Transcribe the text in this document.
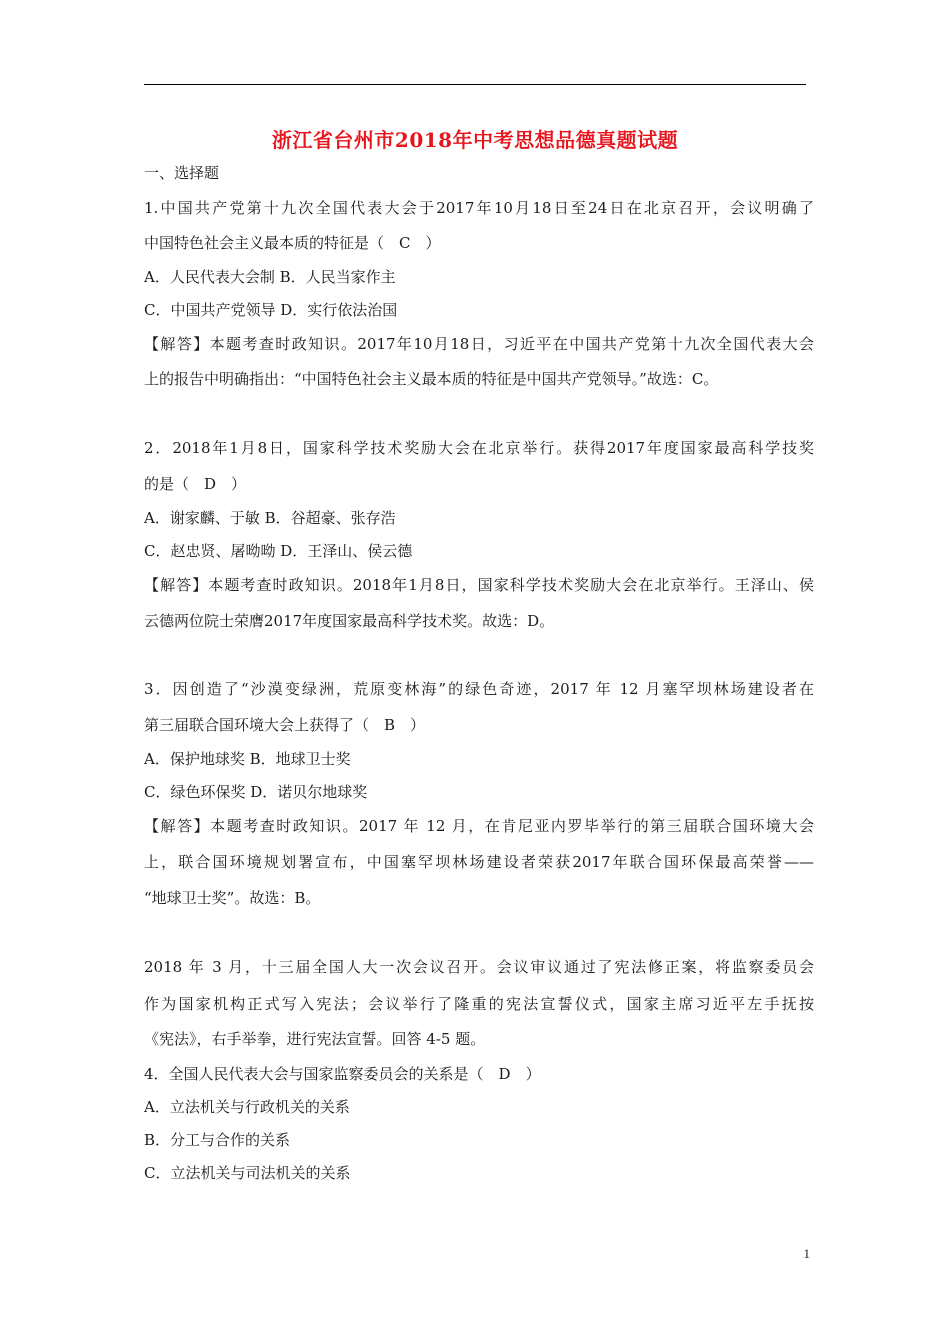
浙江省台州市2018年中考思想品德真题试题
一、选择题
1.中国共产党第十九次全国代表大会于2017年10月18日至24日在北京召开，会议明确了
中国特色社会主义最本质的特征是（　C　）
A．人民代表大会制 B．人民当家作主
C．中国共产党领导 D．实行依法治国
【解答】本题考查时政知识。2017年10月18日，习近平在中国共产党第十九次全国代表大会
上的报告中明确指出：“中国特色社会主义最本质的特征是中国共产党领导。”故选：C。
2．2018年1月8日，国家科学技术奖励大会在北京举行。获得2017年度国家最高科学技奖
的是（　D　）
A．谢家麟、于敏 B．谷超豪、张存浩
C．赵忠贤、屠呦呦 D．王泽山、侯云德
【解答】本题考查时政知识。2018年1月8日，国家科学技术奖励大会在北京举行。王泽山、侯
云德两位院士荣膺2017年度国家最高科学技术奖。故选：D。
3．因创造了“沙漠变绿洲，荒原变林海”的绿色奇迹，2017 年 12 月塞罕坝林场建设者在
第三届联合国环境大会上获得了（　B　）
A．保护地球奖 B．地球卫士奖
C．绿色环保奖 D．诺贝尔地球奖
【解答】本题考查时政知识。2017 年 12 月，在肯尼亚内罗毕举行的第三届联合国环境大会
上，联合国环境规划署宣布，中国塞罕坝林场建设者荣获2017年联合国环保最高荣誉——
“地球卫士奖”。故选：B。
2018 年 3 月，十三届全国人大一次会议召开。会议审议通过了宪法修正案，将监察委员会
作为国家机构正式写入宪法；会议举行了隆重的宪法宣誓仪式，国家主席习近平左手抚按
《宪法》，右手举拳，进行宪法宣誓。回答 4-5 题。
4．全国人民代表大会与国家监察委员会的关系是（　D　）
A．立法机关与行政机关的关系
B．分工与合作的关系
C．立法机关与司法机关的关系
1
